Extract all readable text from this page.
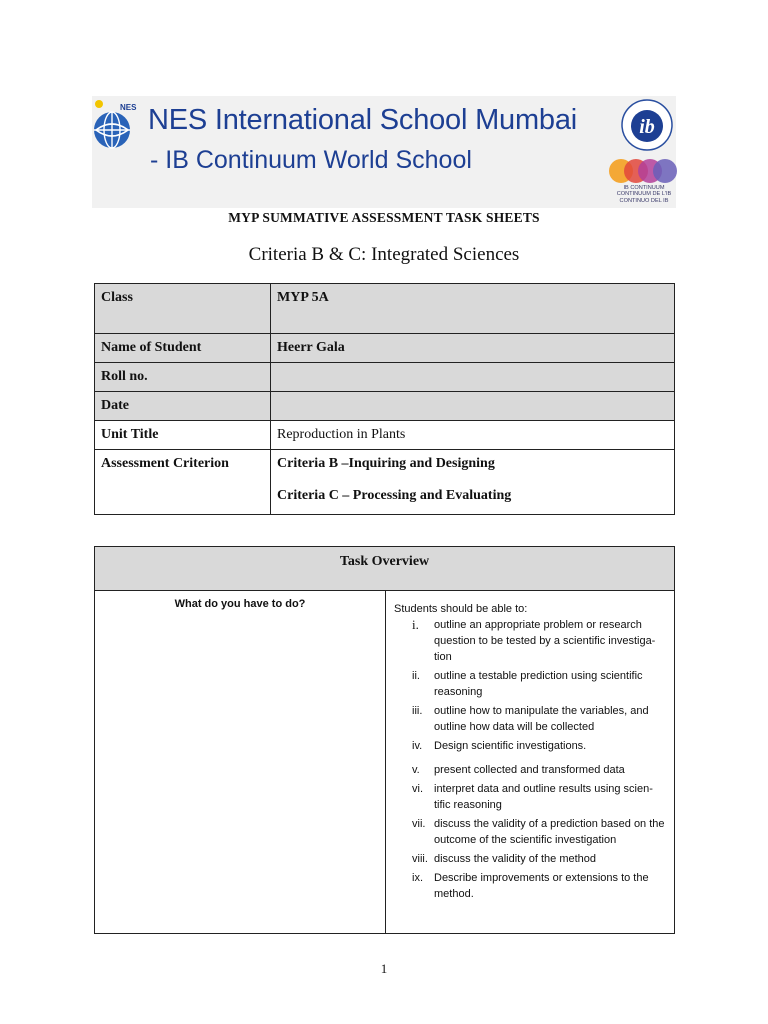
NES NES International School Mumbai
- IB Continuum World School
ib
IB CONTINUUM
CONTINUUM DE L'IB
CONTINUO DEL IB
MYP SUMMATIVE ASSESSMENT TASK SHEETS
Criteria B & C: Integrated Sciences
Class	MYP 5A
Name of Student	Heerr Gala
Roll no.	
Date	
Unit Title	Reproduction in Plants
Assessment Criterion	Criteria B –Inquiring and Designing
Criteria C – Processing and Evaluating
Task Overview

What do you have to do?	Students should be able to:
i.	outline an appropriate problem or research question to be tested by a scientific investiga-tion
ii.	outline a testable prediction using scientific reasoning
iii.	outline how to manipulate the variables, and outline how data will be collected
iv.	Design scientific investigations.
v.	present collected and transformed data
vi.	interpret data and outline results using scien-tific reasoning
vii. discuss the validity of a prediction based on the outcome of the scientific investigation
viii. discuss the validity of the method
ix.	Describe improvements or extensions to the method.
1
